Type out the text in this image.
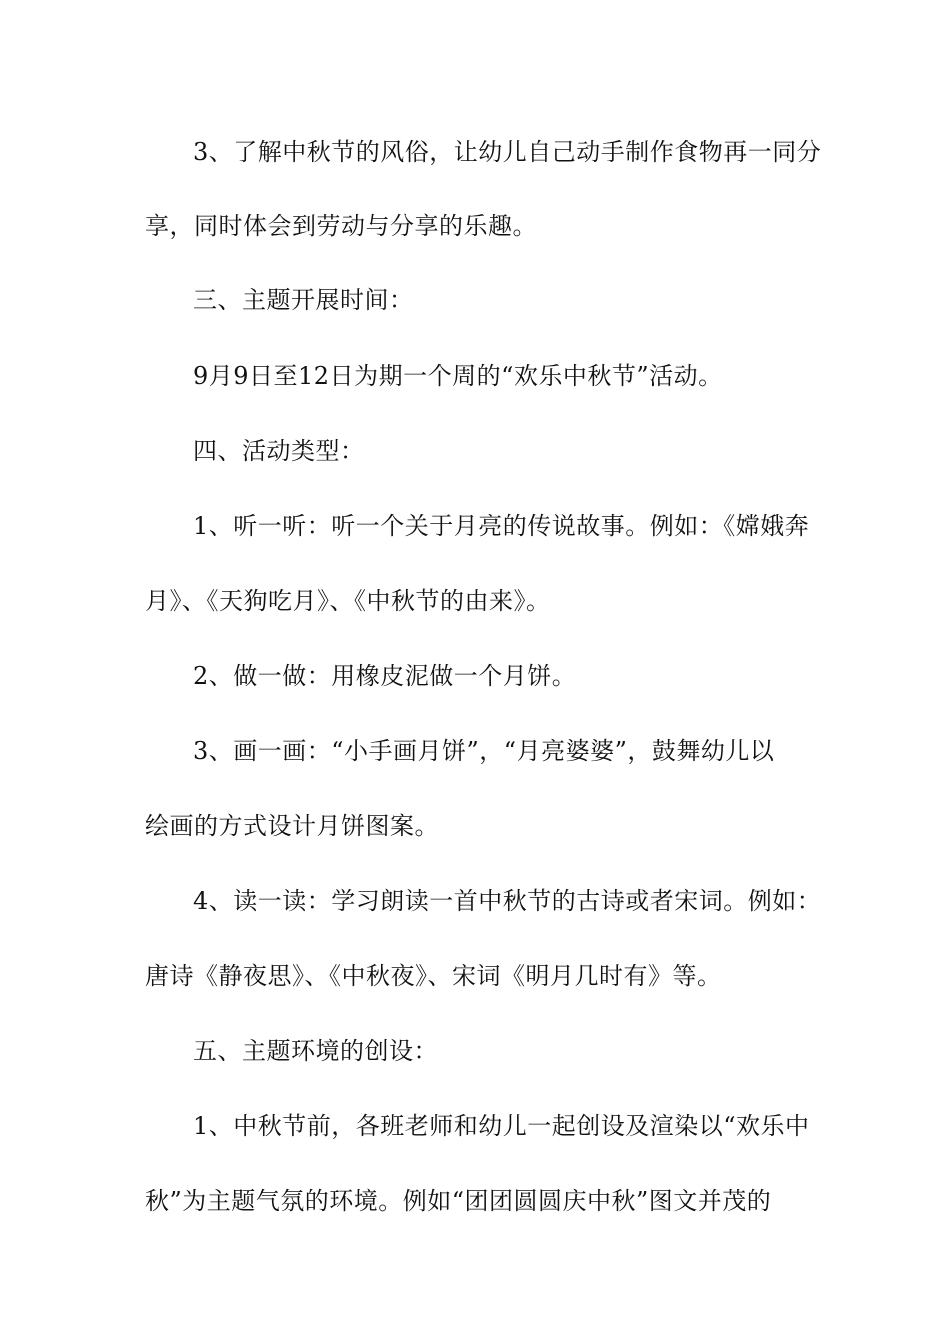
3、了解中秋节的风俗，让幼儿自己动手制作食物再一同分
享，同时体会到劳动与分享的乐趣。
三、主题开展时间：
9月9日至12日为期一个周的“欢乐中秋节”活动。
四、活动类型：
1、听一听：听一个关于月亮的传说故事。例如：《嫦娥奔
月》、《天狗吃月》、《中秋节的由来》。
2、做一做：用橡皮泥做一个月饼。
3、画一画：“小手画月饼”，“月亮婆婆”，鼓舞幼儿以
绘画的方式设计月饼图案。
4、读一读：学习朗读一首中秋节的古诗或者宋词。例如：
唐诗《静夜思》、《中秋夜》、宋词《明月几时有》等。
五、主题环境的创设：
1、中秋节前，各班老师和幼儿一起创设及渲染以“欢乐中
秋”为主题气氛的环境。例如“团团圆圆庆中秋”图文并茂的
